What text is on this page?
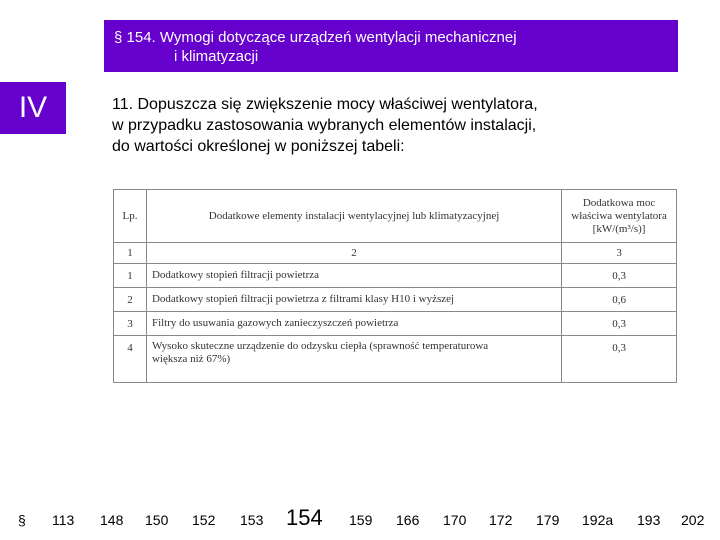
§ 154. Wymogi dotyczące urządzeń wentylacji mechanicznej
i klimatyzacji
IV	11. Dopuszcza się zwiększenie mocy właściwej wentylatora,
w przypadku zastosowania wybranych elementów instalacji,
do wartości określonej w poniższej tabeli:
Lp.	Dodatkowe elementy instalacji wentylacyjnej lub klimatyzacyjnej	Dodatkowa moc właściwa wentylatora [kW/(m³/s)]
1	2	3
1	Dodatkowy stopień filtracji powietrza	0,3
2	Dodatkowy stopień filtracji powietrza z filtrami klasy H10 i wyższej	0,6
3	Filtry do usuwania gazowych zanieczyszczeń powietrza	0,3
4	Wysoko skuteczne urządzenie do odzysku ciepła (sprawność temperaturowa większa niż 67%)	0,3
§ 113 148 150 152 153 154 159 166 170 172 179 192a 193 202
